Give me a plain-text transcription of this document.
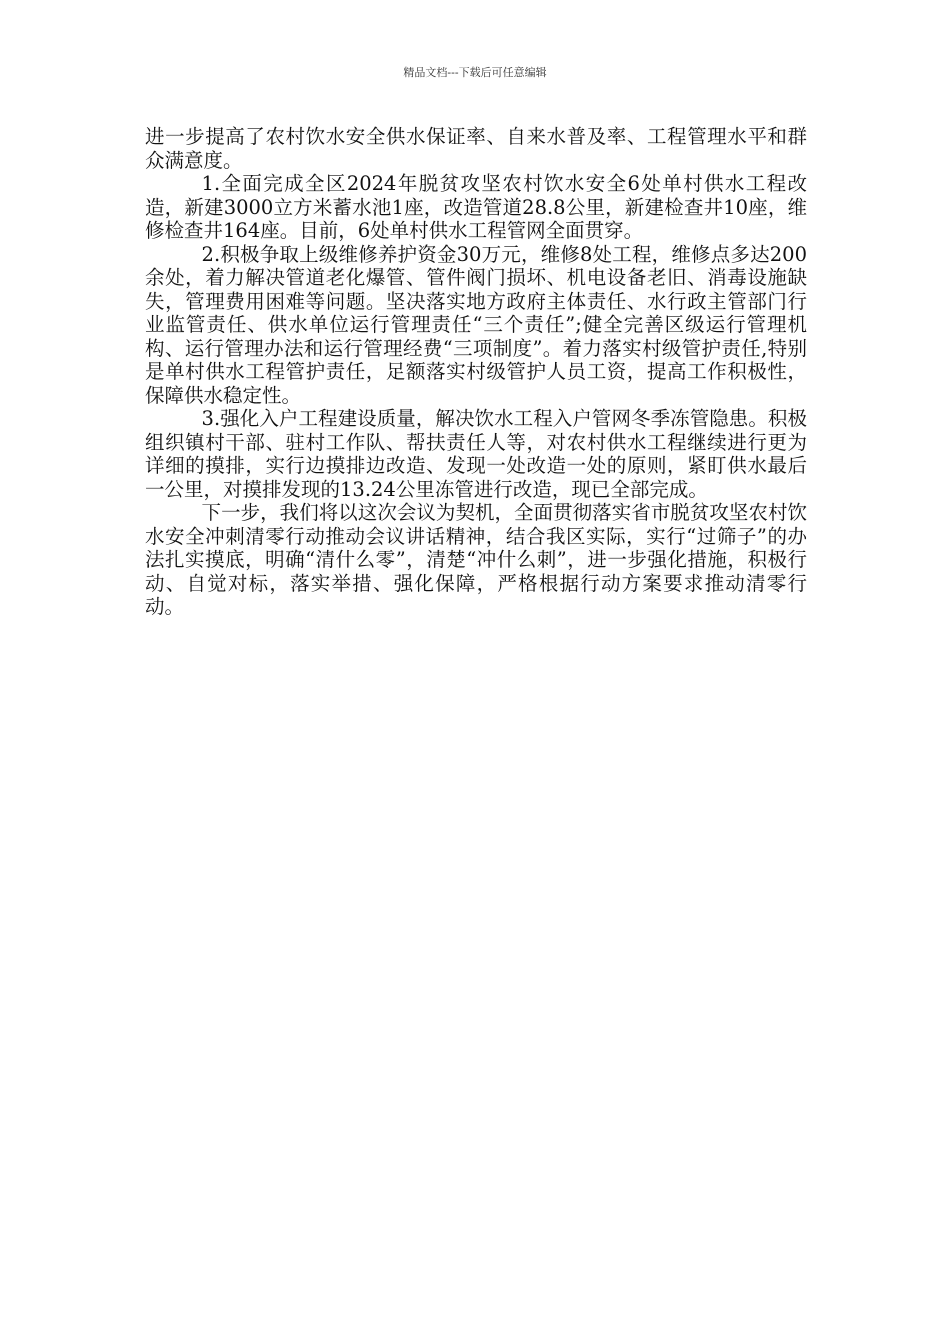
精品文档---下载后可任意编辑

进一步提高了农村饮水安全供水保证率、自来水普及率、工程管理水平和群众满意度。

1.全面完成全区2024年脱贫攻坚农村饮水安全6处单村供水工程改造，新建3000立方米蓄水池1座，改造管道28.8公里，新建检查井10座，维修检查井164座。目前，6处单村供水工程管网全面贯穿。

2.积极争取上级维修养护资金30万元，维修8处工程，维修点多达200余处，着力解决管道老化爆管、管件阀门损坏、机电设备老旧、消毒设施缺失，管理费用困难等问题。坚决落实地方政府主体责任、水行政主管部门行业监管责任、供水单位运行管理责任“三个责任”;健全完善区级运行管理机构、运行管理办法和运行管理经费“三项制度”。着力落实村级管护责任,特别是单村供水工程管护责任，足额落实村级管护人员工资，提高工作积极性，保障供水稳定性。

3.强化入户工程建设质量，解决饮水工程入户管网冬季冻管隐患。积极组织镇村干部、驻村工作队、帮扶责任人等，对农村供水工程继续进行更为详细的摸排，实行边摸排边改造、发现一处改造一处的原则，紧盯供水最后一公里，对摸排发现的13.24公里冻管进行改造，现已全部完成。

下一步，我们将以这次会议为契机，全面贯彻落实省市脱贫攻坚农村饮水安全冲刺清零行动推动会议讲话精神，结合我区实际，实行“过筛子”的办法扎实摸底，明确“清什么零”，清楚“冲什么刺”，进一步强化措施，积极行动、自觉对标，落实举措、强化保障，严格根据行动方案要求推动清零行动。
